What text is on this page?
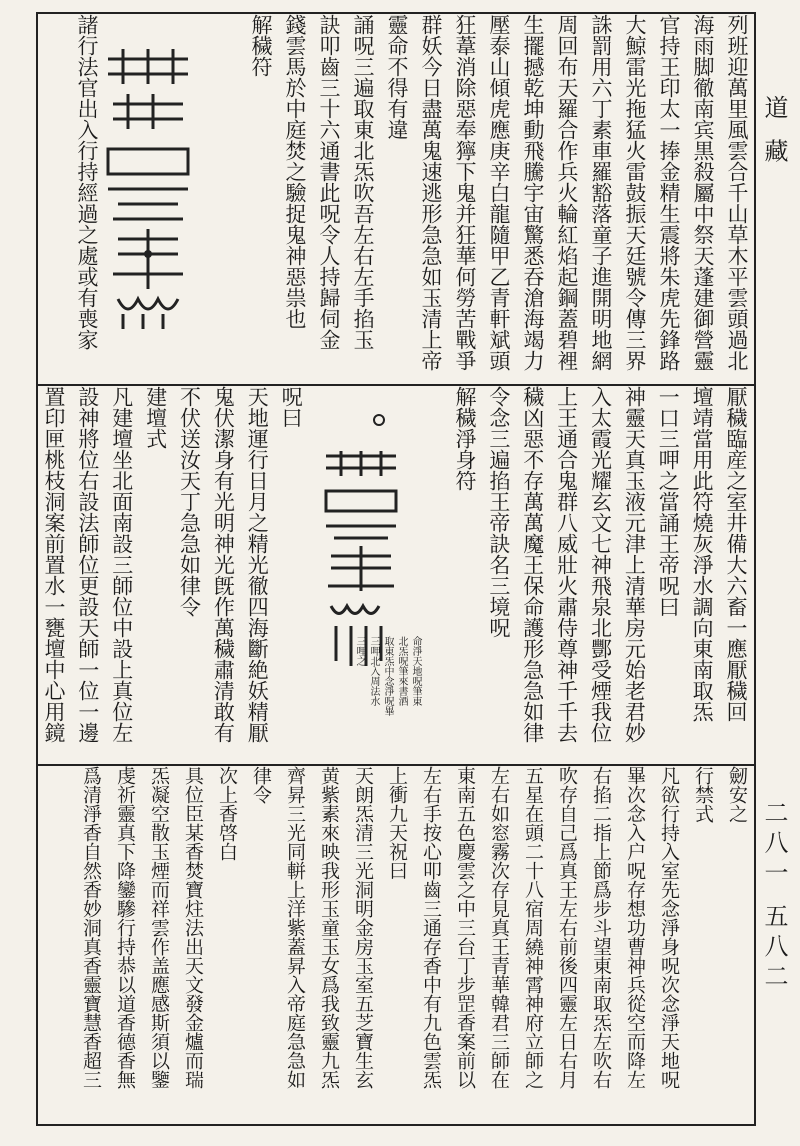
道 藏
二八一 五八二
列班迎萬里風雲合千山草木平雲頭過北
海雨脚徹南宾黒殺屬中祭天蓬建御營靈
官持王印太一捧金精生震將朱虎先鋒路
大鯨雷光拖猛火雷鼓振天廷號令傳三界
誅罰用六丁素車羅豁落童子進開明地網
周回布天羅合作兵火輪紅焰起鋼蓋碧裡
生擺撼乾坤動飛騰宇宙驚悉吞滄海竭力
壓泰山傾虎應庚辛白龍隨甲乙青軒斌頭
狂葦消除惡奉獰下鬼并狂華何勞苦戰爭
群妖今日盡萬鬼速逃形急急如玉清上帝
靈命不得有違
誦呪三遍取東北炁吹吾左右左手掐玉
訣叩齒三十六通書此呪令人持歸伺金
錢雲馬於中庭焚之驗捉鬼神惡祟也
解穢符
諸行法官出入行持經過之處或有喪家
厭穢臨産之室井備大六畜一應厭穢回
壇靖當用此符燒灰淨水調向東南取炁
一口三呷之當誦王帝呪曰
神靈天真玉液元津上清華房元始老君妙
入太霞光耀玄文七神飛泉北酆受煙我位
上王通合鬼群八威壯火肅侍尊神千千去
穢凶惡不存萬萬魔王保命護形急急如律
令念三遍掐王帝訣名三境呪
解穢淨身符
呪曰
天地運行日月之精光徹四海斷絶妖精厭
鬼伏潔身有光明神光旣作萬穢肅清敢有
不伏送汝天丁急急如律令
建壇式
凡建壇坐北面南設三師位中設上真位左
設神將位右設法師位更設天師一位一邊
置印匣桃枝洞案前置水一甕壇中心用鏡	命淨天地呪筆東
北炁呪筆來書酒
取東炁中念淨呪畢
三呷北入周法水
三哩之
劒安之
行禁式
凡欲行持入室先念淨身呪次念淨天地呪
畢次念入户呪存想功曹神兵從空而降左
右掐二指上節爲步斗望東南取炁左吹右
吹存自己爲真王左右前後四靈左日右月
五星在頭二十八宿周繞神霄神府立師之
左右如窓霧次存見真王青華韓君三師在
東南五色慶雲之中三台丁步罡香案前以
左右手按心叩齒三通存香中有九色雲炁
上衝九天祝曰
天朗炁清三光洞明金房玉室五芝寶生玄
黄紫素來映我形玉童玉女爲我致靈九炁
齊昇三光同軿上洋紫蓋昇入帝庭急急如
律令
次上香啓白
具位臣某香焚寶炷法出天文發金爐而瑞
炁凝空散玉煙而祥雲作盖應感斯須以鑒
虔祈靈真下降鑾驂行持恭以道香德香無
爲清淨香自然香妙洞真香靈寶慧香超三
